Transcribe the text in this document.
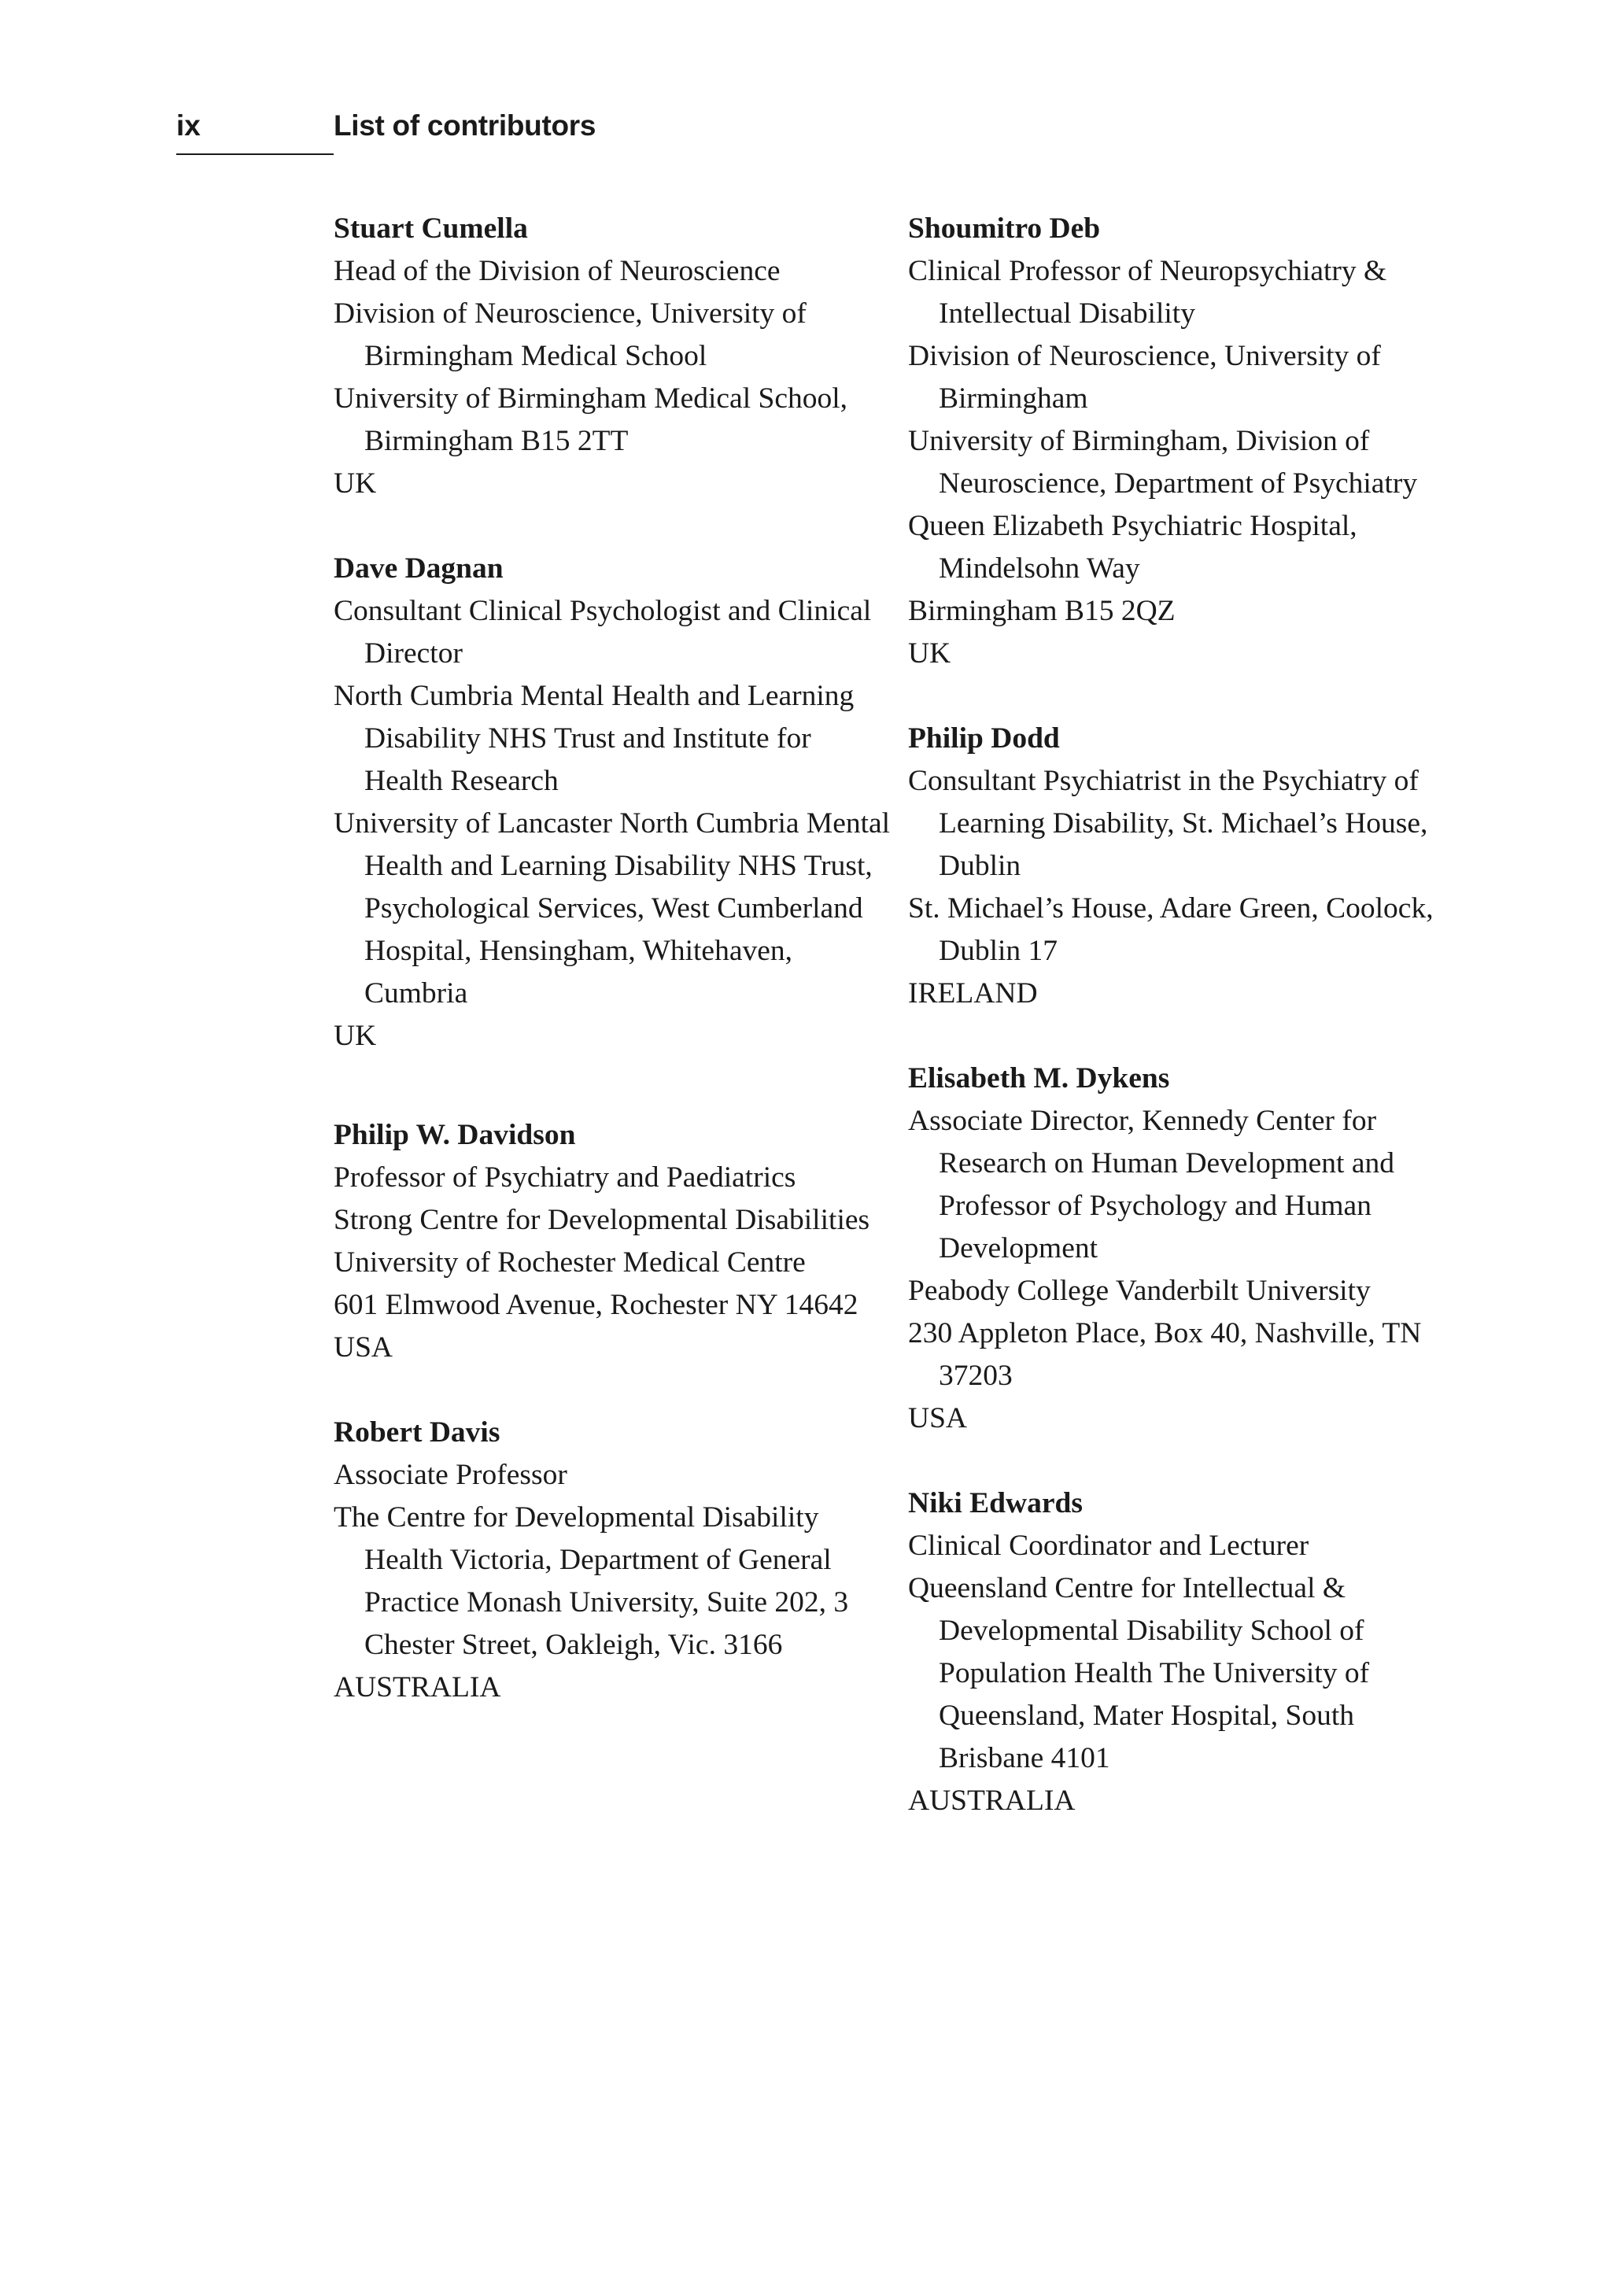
ix	List of contributors

Stuart Cumella

Head of the Division of Neuroscience

Division of Neuroscience, University of Birmingham Medical School

University of Birmingham Medical School, Birmingham B15 2TT

UK

Dave Dagnan

Consultant Clinical Psychologist and Clinical Director

North Cumbria Mental Health and Learning Disability NHS Trust and Institute for Health Research

University of Lancaster North Cumbria Mental Health and Learning Disability NHS Trust, Psychological Services, West Cumberland Hospital, Hensingham, Whitehaven, Cumbria

UK

Philip W. Davidson

Professor of Psychiatry and Paediatrics

Strong Centre for Developmental Disabilities

University of Rochester Medical Centre

601 Elmwood Avenue, Rochester NY 14642

USA

Robert Davis

Associate Professor

The Centre for Developmental Disability Health Victoria, Department of General Practice Monash University, Suite 202, 3 Chester Street, Oakleigh, Vic. 3166

AUSTRALIA

Shoumitro Deb

Clinical Professor of Neuropsychiatry & Intellectual Disability

Division of Neuroscience, University of Birmingham

University of Birmingham, Division of Neuroscience, Department of Psychiatry

Queen Elizabeth Psychiatric Hospital, Mindelsohn Way

Birmingham B15 2QZ

UK

Philip Dodd

Consultant Psychiatrist in the Psychiatry of Learning Disability, St. Michael’s House, Dublin

St. Michael’s House, Adare Green, Coolock, Dublin 17

IRELAND

Elisabeth M. Dykens

Associate Director, Kennedy Center for Research on Human Development and Professor of Psychology and Human Development

Peabody College Vanderbilt University

230 Appleton Place, Box 40, Nashville, TN 37203

USA

Niki Edwards

Clinical Coordinator and Lecturer

Queensland Centre for Intellectual & Developmental Disability School of Population Health The University of Queensland, Mater Hospital, South Brisbane 4101

AUSTRALIA
